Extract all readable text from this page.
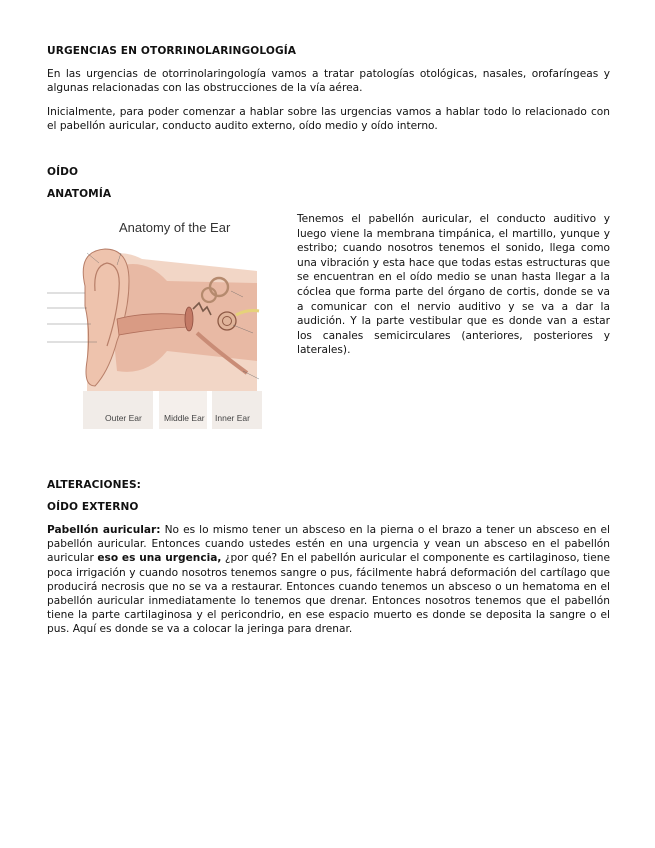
URGENCIAS EN OTORRINOLARINGOLOGÍA
En las urgencias de otorrinolaringología vamos a tratar patologías otológicas, nasales, orofaríngeas y algunas relacionadas con las obstrucciones de la vía aérea.
Inicialmente, para poder comenzar a hablar sobre las urgencias vamos a hablar todo lo relacionado con el pabellón auricular, conducto audito externo, oído medio y oído interno.
OÍDO
ANATOMÍA
Anatomy of the Ear
Outer Ear	Middle Ear Inner Ear
Tenemos el pabellón auricular, el conducto auditivo y luego viene la membrana timpánica, el martillo, yunque y estribo; cuando nosotros tenemos el sonido, llega como una vibración y esta hace que todas estas estructuras que se encuentran en el oído medio se unan hasta llegar a la cóclea que forma parte del órgano de cortis, donde se va a comunicar con el nervio auditivo y se va a dar la audición. Y la parte vestibular que es donde van a estar los canales semicirculares (anteriores, posteriores y laterales).
ALTERACIONES:
OÍDO EXTERNO
Pabellón auricular: No es lo mismo tener un absceso en la pierna o el brazo a tener un absceso en el pabellón auricular. Entonces cuando ustedes estén en una urgencia y vean un absceso en el pabellón auricular eso es una urgencia, ¿por qué? En el pabellón auricular el componente es cartilaginoso, tiene poca irrigación y cuando nosotros tenemos sangre o pus, fácilmente habrá deformación del cartílago que producirá necrosis que no se va a restaurar. Entonces cuando tenemos un absceso o un hematoma en el pabellón auricular inmediatamente lo tenemos que drenar. Entonces nosotros tenemos que el pabellón tiene la parte cartilaginosa y el pericondrio, en ese espacio muerto es donde se deposita la sangre o el pus. Aquí es donde se va a colocar la jeringa para drenar.
